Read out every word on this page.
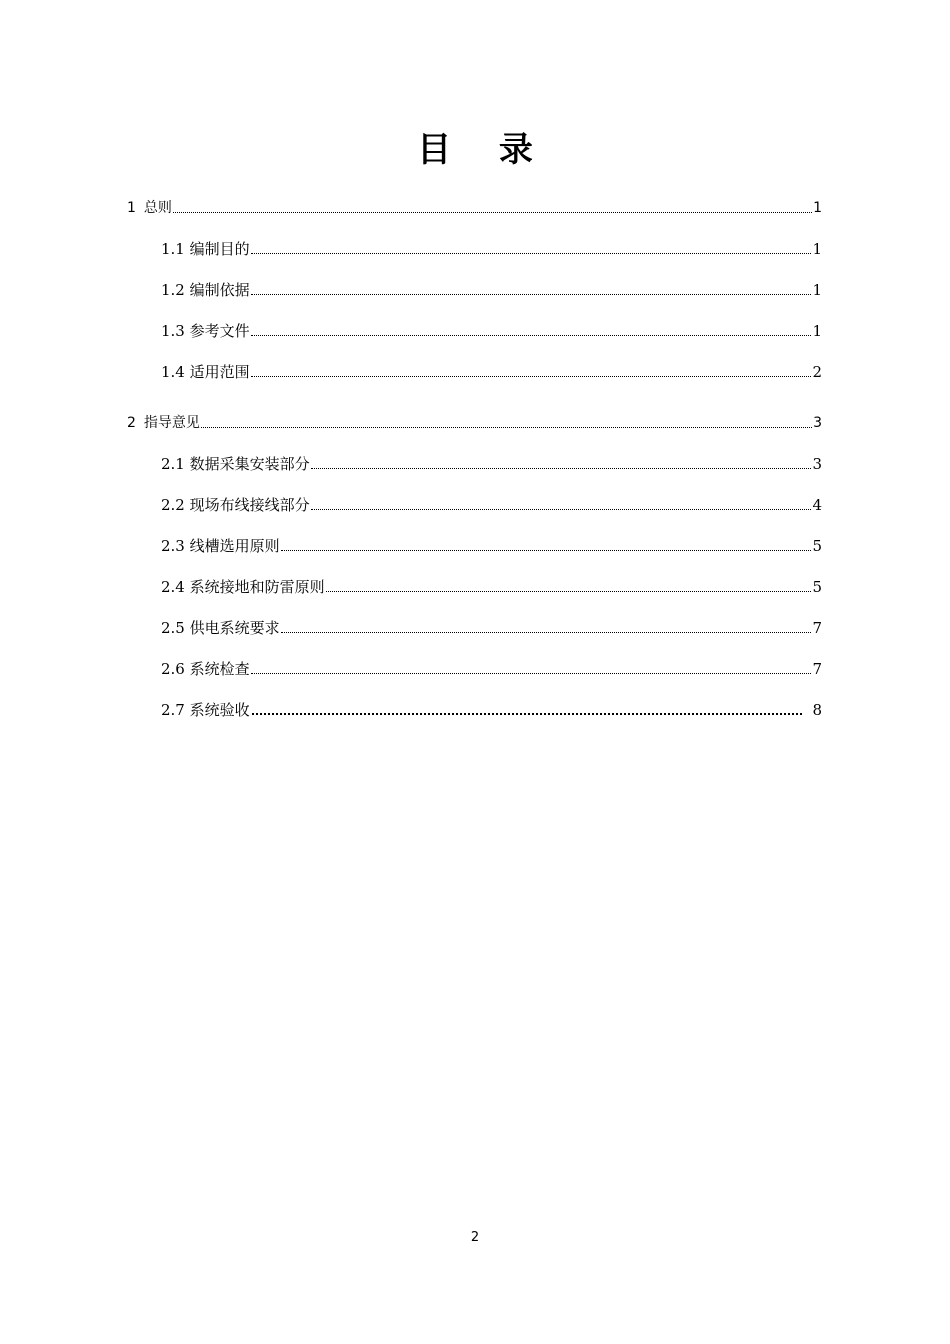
目 录
1 总则	1
1.1 编制目的	1
1.2 编制依据	1
1.3 参考文件	1
1.4 适用范围	2
2 指导意见	3
2.1 数据采集安装部分	3
2.2 现场布线接线部分	4
2.3 线槽选用原则	5
2.4 系统接地和防雷原则	5
2.5 供电系统要求	7
2.6 系统检查	7
2.7 系统验收	8
2
